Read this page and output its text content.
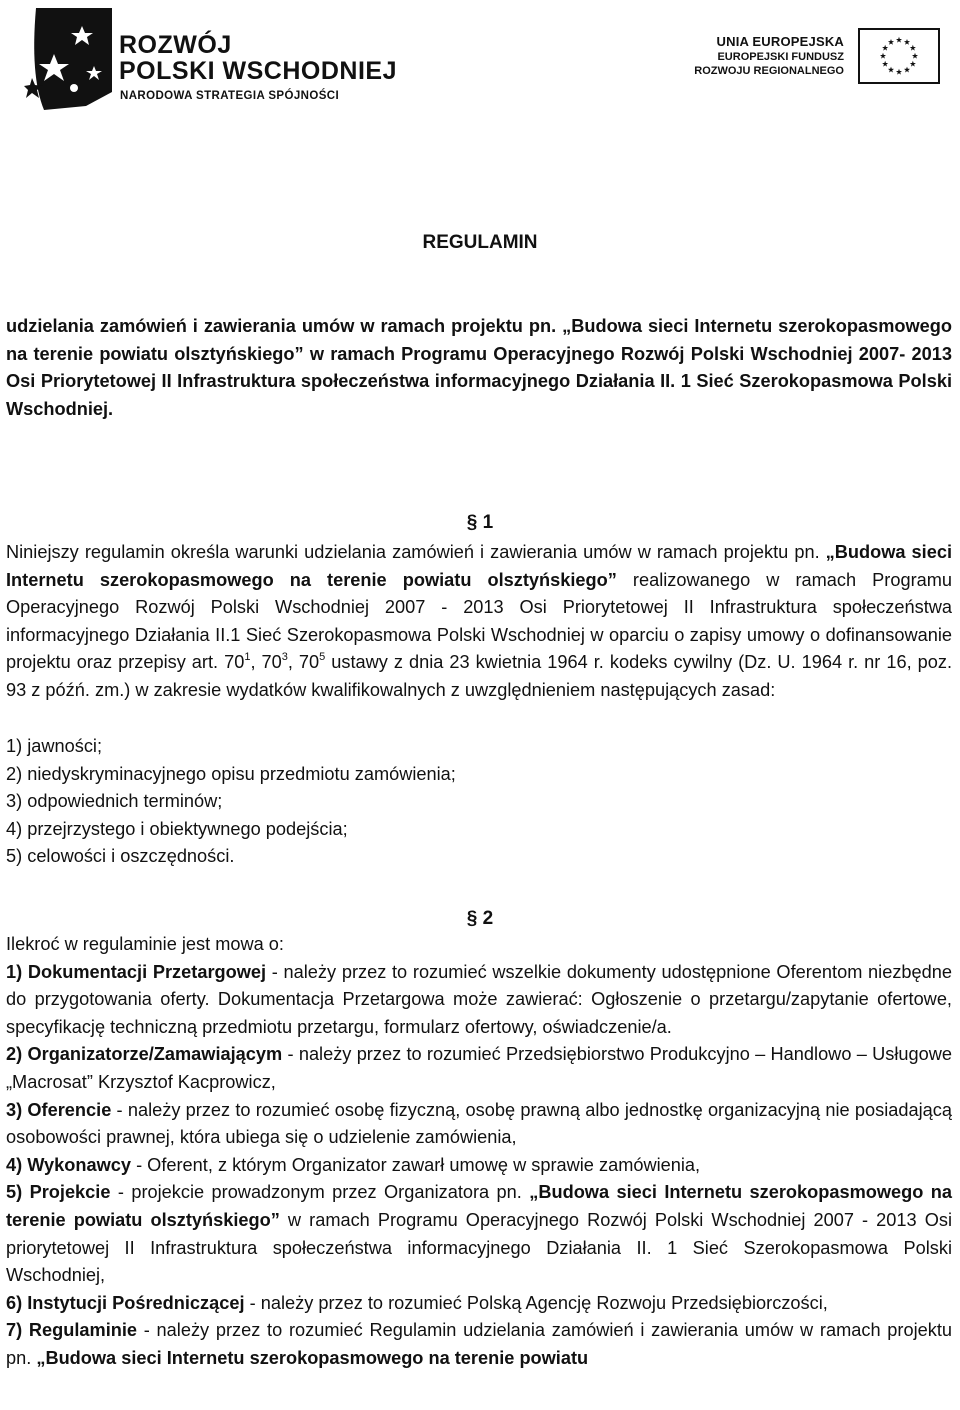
ROZWÓJ
POLSKI WSCHODNIEJ
NARODOWA STRATEGIA SPÓJNOŚCI
UNIA EUROPEJSKA
EUROPEJSKI FUNDUSZ
ROZWOJU REGIONALNEGO
REGULAMIN
udzielania zamówień i zawierania umów w ramach projektu pn. „Budowa sieci Internetu szerokopasmowego na terenie powiatu olsztyńskiego” w ramach Programu Operacyjnego Rozwój Polski Wschodniej 2007- 2013 Osi Priorytetowej II Infrastruktura społeczeństwa informacyjnego Działania II. 1 Sieć Szerokopasmowa Polski Wschodniej.
§ 1
Niniejszy regulamin określa warunki udzielania zamówień i zawierania umów w ramach projektu pn. „Budowa sieci Internetu szerokopasmowego na terenie powiatu olsztyńskiego” realizowanego w ramach Programu Operacyjnego Rozwój Polski Wschodniej 2007 - 2013 Osi Priorytetowej II Infrastruktura społeczeństwa informacyjnego Działania II.1 Sieć Szerokopasmowa Polski Wschodniej w oparciu o zapisy umowy o dofinansowanie projektu oraz przepisy art. $70^1$, $70^3$, $70^5$ ustawy z dnia 23 kwietnia 1964 r. kodeks cywilny (Dz. U. 1964 r. nr 16, poz. 93 z późń. zm.) w zakresie wydatków kwalifikowalnych z uwzględnieniem następujących zasad:

1) jawności;

2) niedyskryminacyjnego opisu przedmiotu zamówienia;

3) odpowiednich terminów;

4) przejrzystego i obiektywnego podejścia;

5) celowości i oszczędności.

§ 2

Ilekroć w regulaminie jest mowa o:

1) Dokumentacji Przetargowej - należy przez to rozumieć wszelkie dokumenty udostępnione Oferentom niezbędne do przygotowania oferty. Dokumentacja Przetargowa może zawierać: Ogłoszenie o przetargu/zapytanie ofertowe, specyfikację techniczną przedmiotu przetargu, formularz ofertowy, oświadczenie/a.

2) Organizatorze/Zamawiającym - należy przez to rozumieć Przedsiębiorstwo Produkcyjno – Handlowo – Usługowe „Macrosat” Krzysztof Kacprowicz,

3) Oferencie - należy przez to rozumieć osobę fizyczną, osobę prawną albo jednostkę organizacyjną nie posiadającą osobowości prawnej, która ubiega się o udzielenie zamówienia,

4) Wykonawcy - Oferent, z którym Organizator zawarł umowę w sprawie zamówienia,

5) Projekcie - projekcie prowadzonym przez Organizatora pn. „Budowa sieci Internetu szerokopasmowego na terenie powiatu olsztyńskiego” w ramach Programu Operacyjnego Rozwój Polski Wschodniej 2007 - 2013 Osi priorytetowej II Infrastruktura społeczeństwa informacyjnego Działania II. 1 Sieć Szerokopasmowa Polski Wschodniej,

6) Instytucji Pośredniczącej - należy przez to rozumieć Polską Agencję Rozwoju Przedsiębiorczości,

7) Regulaminie - należy przez to rozumieć Regulamin udzielania zamówień i zawierania umów w ramach projektu pn. „Budowa sieci Internetu szerokopasmowego na terenie powiatu
